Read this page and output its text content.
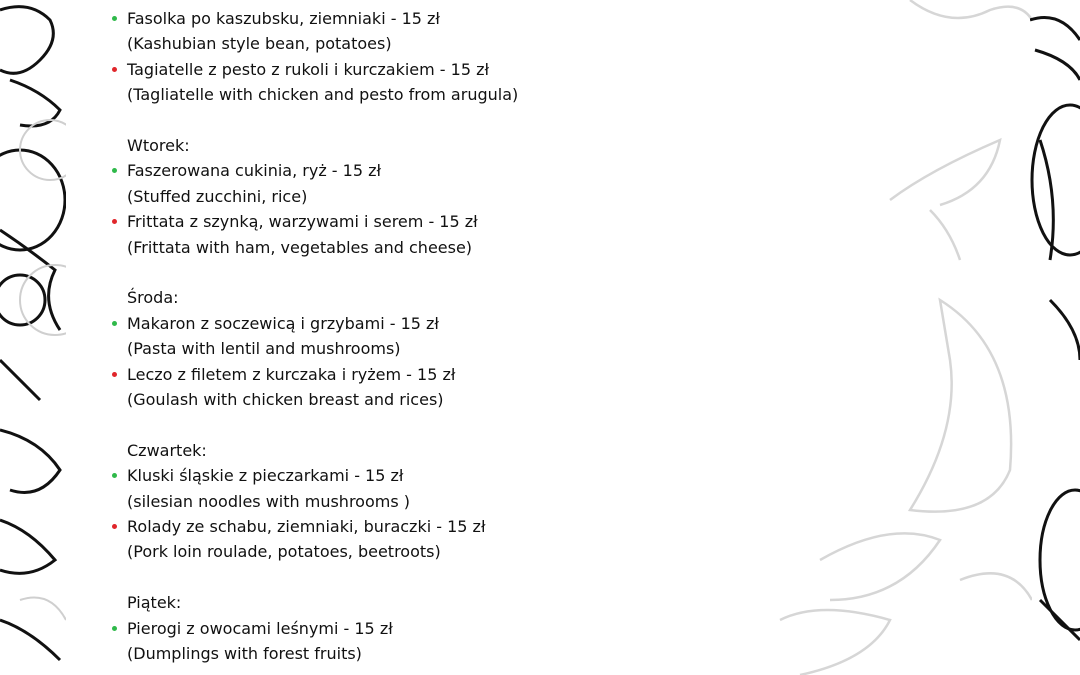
Fasolka po kaszubsku, ziemniaki - 15 zł
(Kashubian style bean, potatoes)
Tagiatelle z pesto z rukoli i kurczakiem - 15 zł
(Tagliatelle with chicken and pesto from arugula)
Wtorek:
Faszerowana cukinia, ryż - 15 zł
(Stuffed zucchini, rice)
Frittata z szynką, warzywami i serem - 15 zł
(Frittata with ham, vegetables and cheese)
Środa:
Makaron z soczewicą i grzybami - 15 zł
(Pasta with lentil and mushrooms)
Leczo z filetem z kurczaka i ryżem - 15 zł
(Goulash with chicken breast and rices)
Czwartek:
Kluski śląskie z pieczarkami - 15 zł
(silesian noodles with mushrooms )
Rolady ze schabu, ziemniaki, buraczki - 15 zł
(Pork loin roulade, potatoes, beetroots)
Piątek:
Pierogi z owocami leśnymi - 15 zł
(Dumplings with forest fruits)
